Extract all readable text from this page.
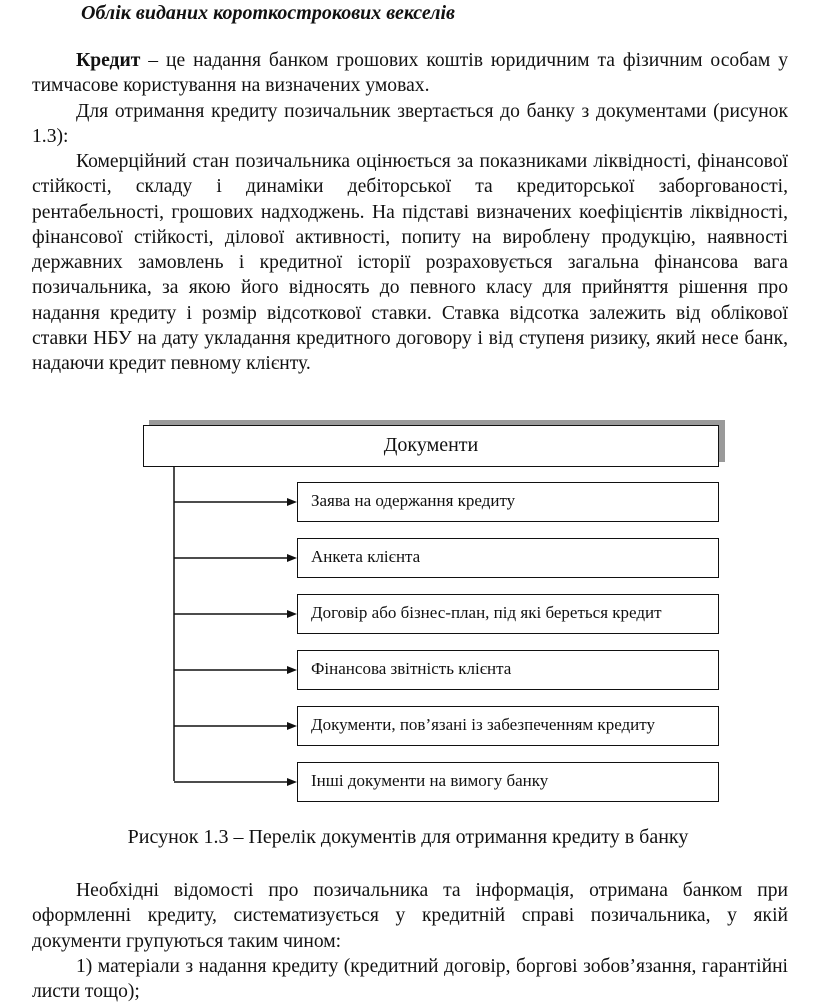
Облік виданих короткострокових векселів
Кредит – це надання банком грошових коштів юридичним та фізичним особам у тимчасове користування на визначених умовах.
Для отримання кредиту позичальник звертається до банку з документами (рисунок 1.3):
Комерційний стан позичальника оцінюється за показниками ліквідності, фінансової стійкості, складу і динаміки дебіторської та кредиторської заборгованості, рентабельності, грошових надходжень. На підставі визначених коефіцієнтів ліквідності, фінансової стійкості, ділової активності, попиту на вироблену продукцію, наявності державних замовлень і кредитної історії розраховується загальна фінансова вага позичальника, за якою його відносять до певного класу для прийняття рішення про надання кредиту і розмір відсоткової ставки. Ставка відсотка залежить від облікової ставки НБУ на дату укладання кредитного договору і від ступеня ризику, який несе банк, надаючи кредит певному клієнту.
Документи
Заява на одержання кредиту
Анкета клієнта
Договір або бізнес-план, під які береться кредит
Фінансова звітність клієнта
Документи, пов’язані із забезпеченням кредиту
Інші документи на вимогу банку
Рисунок 1.3 – Перелік документів для отримання кредиту в банку
Необхідні відомості про позичальника та інформація, отримана банком при оформленні кредиту, систематизується у кредитній справі позичальника, у якій документи групуються таким чином:
1) матеріали з надання кредиту (кредитний договір, боргові зобов’язання, гарантійні листи тощо);
